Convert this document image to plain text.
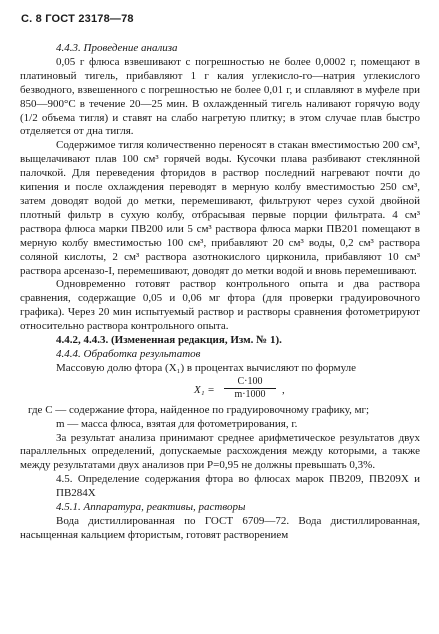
С. 8 ГОСТ 23178—78

4.4.3. Проведение анализа

0,05 г флюса взвешивают с погрешностью не более 0,0002 г, помещают в платиновый тигель, прибавляют 1 г калия углекисло-го—натрия углекислого безводного, взвешенного с погрешностью не более 0,01 г, и сплавляют в муфеле при 850—900°С в течение 20—25 мин. В охлажденный тигель наливают горячую воду (1/2 объема тигля) и ставят на слабо нагретую плитку; в этом случае плав быстро отделяется от дна тигля.

Содержимое тигля количественно переносят в стакан вместимостью 200 см³, выщелачивают плав 100 см³ горячей воды. Кусочки плава разбивают стеклянной палочкой. Для переведения фторидов в раствор последний нагревают почти до кипения и после охлаждения переводят в мерную колбу вместимостью 250 см³, затем доводят водой до метки, перемешивают, фильтруют через сухой двойной плотный фильтр в сухую колбу, отбрасывая первые порции фильтрата. 4 см³ раствора флюса марки ПВ200 или 5 см³ раствора флюса марки ПВ201 помещают в мерную колбу вместимостью 100 см³, прибавляют 20 см³ воды, 0,2 см³ раствора соляной кислоты, 2 см³ раствора азотнокислого цирконила, прибавляют 10 см³ раствора арсеназо-I, перемешивают, доводят до метки водой и вновь перемешивают.

Одновременно готовят раствор контрольного опыта и два раствора сравнения, содержащие 0,05 и 0,06 мг фтора (для проверки градуировочного графика). Через 20 мин испытуемый раствор и растворы сравнения фотометрируют относительно раствора контрольного опыта.

4.4.2, 4.4.3. (Измененная редакция, Изм. № 1).

4.4.4. Обработка результатов

Массовую долю фтора (X₁) в процентах вычисляют по формуле

$X_1 = \frac{C\cdot 100}{m\cdot 1000}$ ,

где C — содержание фтора, найденное по градуировочному графику, мг;

m — масса флюса, взятая для фотометрирования, г.

За результат анализа принимают среднее арифметическое результатов двух параллельных определений, допускаемые расхождения между которыми, а также между результатами двух анализов при P=0,95 не должны превышать 0,3%.

4.5. Определение содержания фтора во флюсах марок ПВ209, ПВ209Х и ПВ284Х

4.5.1. Аппаратура, реактивы, растворы

Вода дистиллированная по ГОСТ 6709—72. Вода дистиллированная, насыщенная кальцием фтористым, готовят растворением
